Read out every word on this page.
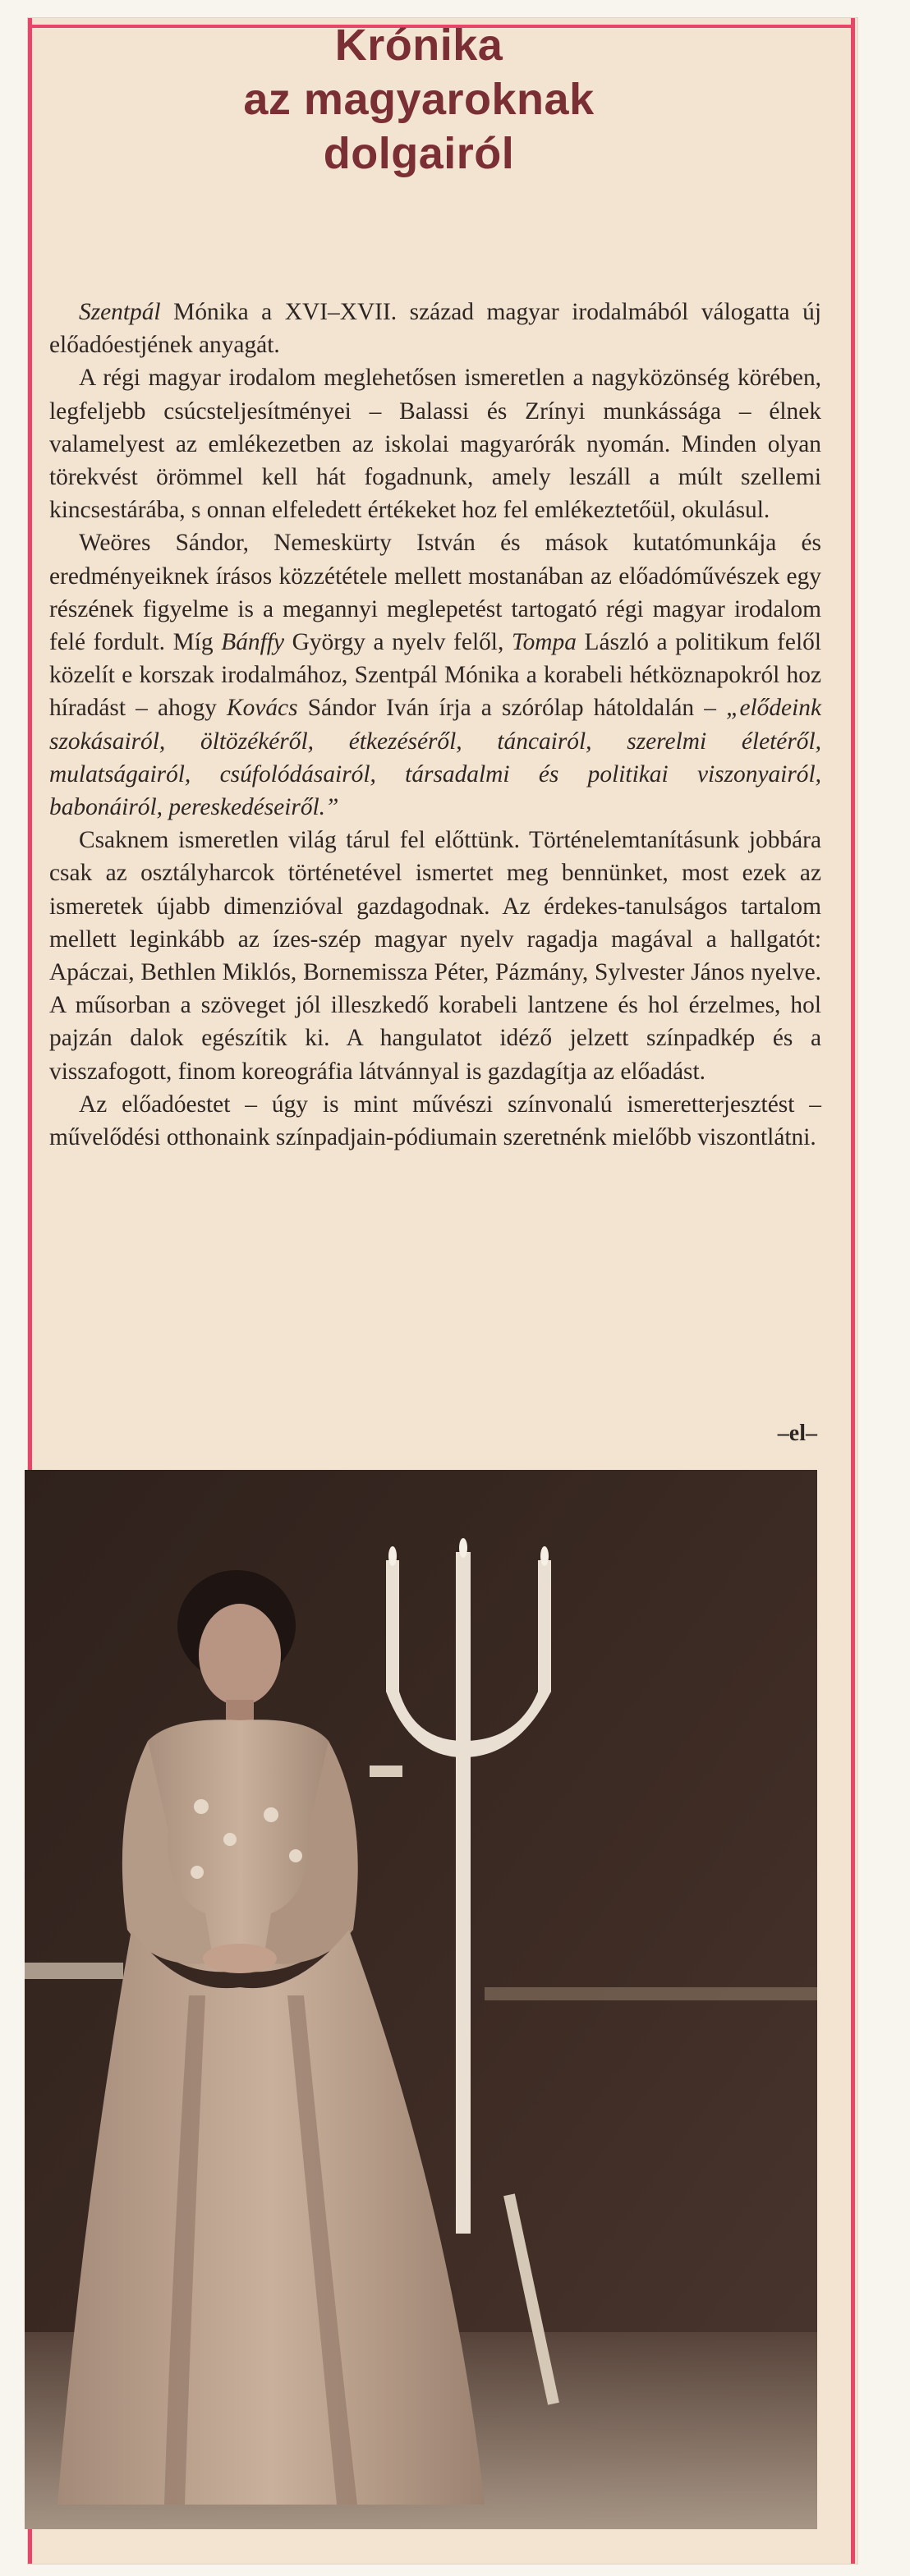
Krónika
az magyaroknak
dolgairól

Szentpál Mónika a XVI–XVII. század magyar irodalmából válogatta új előadóestjének anyagát.

A régi magyar irodalom meglehetősen ismeretlen a nagyközönség körében, legfeljebb csúcsteljesítményei – Balassi és Zrínyi munkássága – élnek valamelyest az emlékezetben az iskolai magyarórák nyomán. Minden olyan törekvést örömmel kell hát fogadnunk, amely leszáll a múlt szellemi kincsestárába, s onnan elfeledett értékeket hoz fel emlékeztetőül, okulásul.

Weöres Sándor, Nemeskürty István és mások kutatómunkája és eredményeiknek írásos közzététele mellett mostanában az előadóművészek egy részének figyelme is a megannyi meglepetést tartogató régi magyar irodalom felé fordult. Míg Bánffy György a nyelv felől, Tompa László a politikum felől közelít e korszak irodalmához, Szentpál Mónika a korabeli hétköznapokról hoz híradást – ahogy Kovács Sándor Iván írja a szórólap hátoldalán – „elődeink szokásairól, öltözékéről, étkezéséről, táncairól, szerelmi életéről, mulatságairól, csúfolódásairól, társadalmi és politikai viszonyairól, babonáiról, pereskedéseiről.”

Csaknem ismeretlen világ tárul fel előttünk. Történelemtanításunk jobbára csak az osztályharcok történetével ismertet meg bennünket, most ezek az ismeretek újabb dimenzióval gazdagodnak. Az érdekes-tanulságos tartalom mellett leginkább az ízes-szép magyar nyelv ragadja magával a hallgatót: Apáczai, Bethlen Miklós, Bornemissza Péter, Pázmány, Sylvester János nyelve. A műsorban a szöveget jól illeszkedő korabeli lantzene és hol érzelmes, hol pajzán dalok egészítik ki. A hangulatot idéző jelzett színpadkép és a visszafogott, finom koreográfia látvánnyal is gazdagítja az előadást.

Az előadóestet – úgy is mint művészi színvonalú ismeretterjesztést – művelődési otthonaink színpadjain-pódiumain szeretnénk mielőbb viszontlátni.

–el–
